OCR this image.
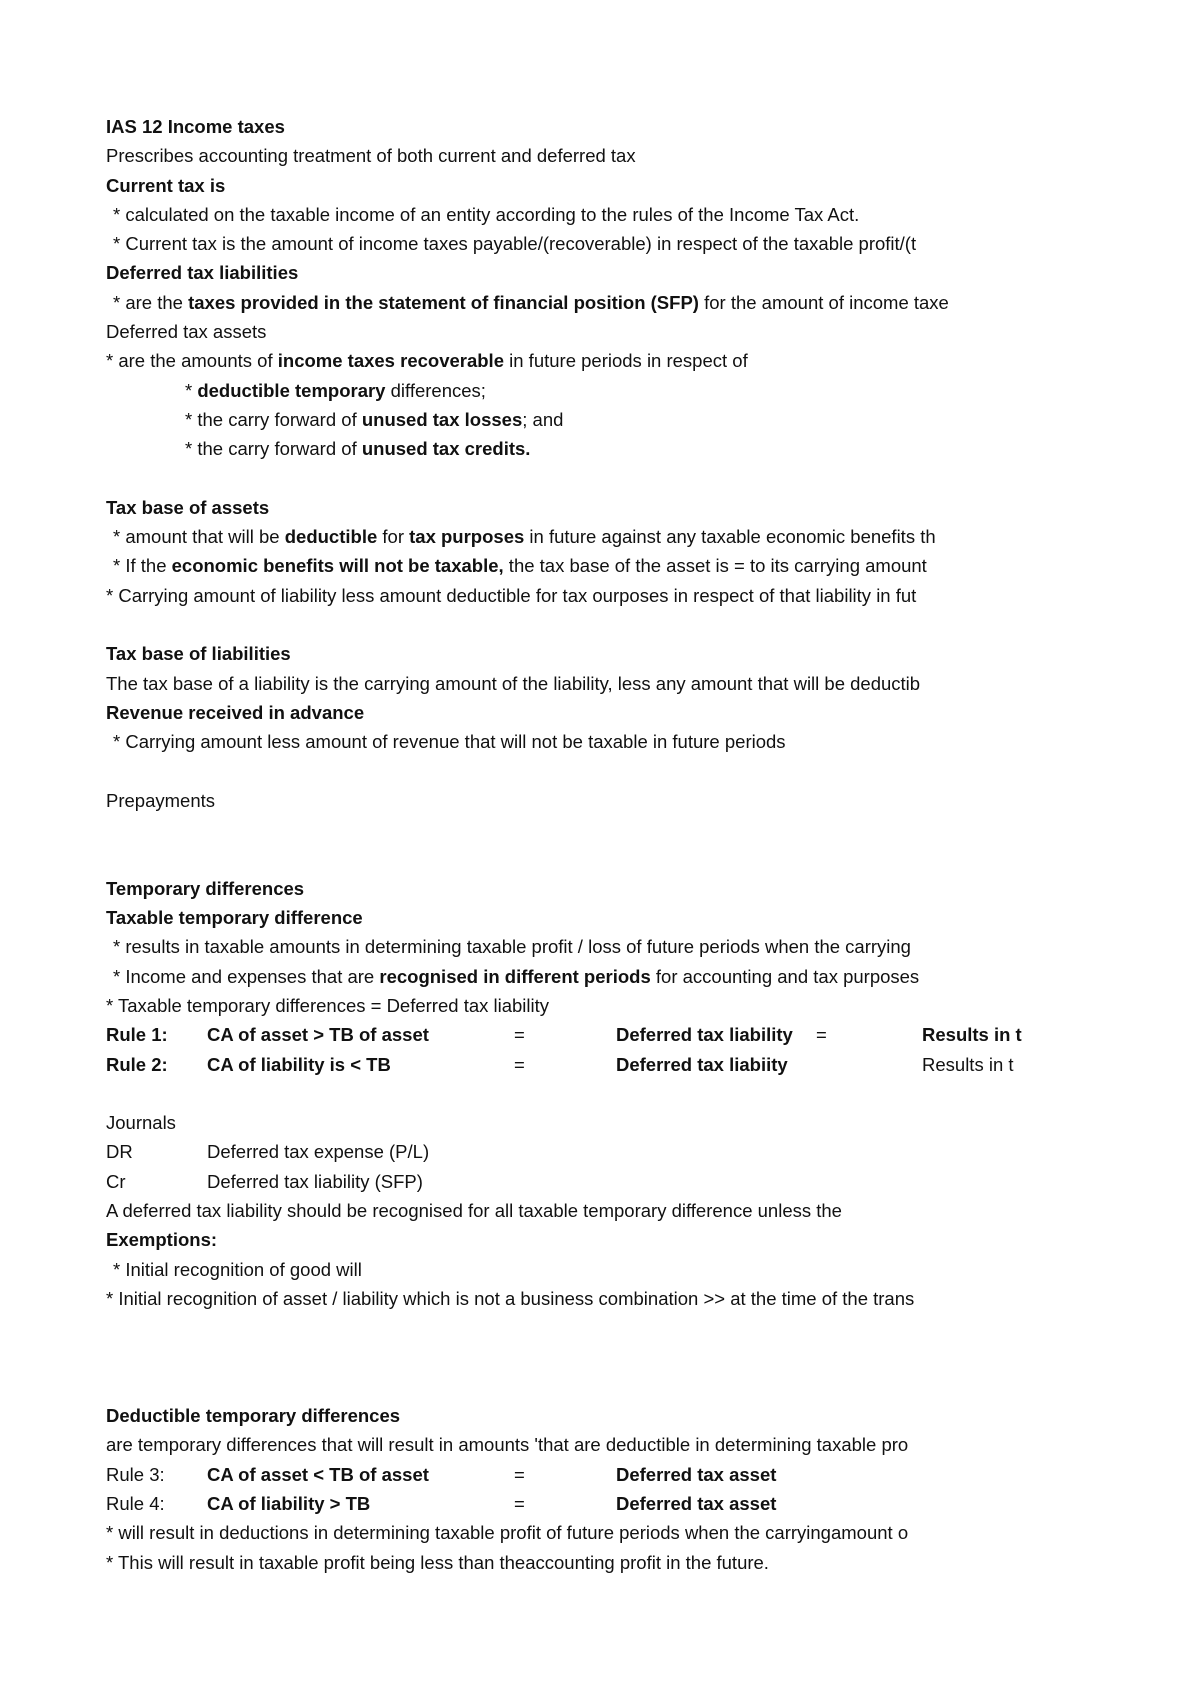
IAS 12 Income taxes
Prescribes accounting treatment of both current and deferred tax
Current tax is
* calculated on the taxable income of an entity according to the rules of the Income Tax Act.
* Current tax is the amount of income taxes payable/(recoverable) in respect of the taxable profit/(t
Deferred tax liabilities
* are the taxes provided in the statement of financial position (SFP) for the amount of income taxe
Deferred tax assets
* are the amounts of income taxes recoverable in future periods in respect of
* deductible temporary differences;
* the carry forward of unused tax losses; and
* the carry forward of unused tax credits.
Tax base of assets
* amount that will be deductible for tax purposes in future against any taxable economic benefits th
* If the economic benefits will not be taxable, the tax base of the asset is = to its carrying amount
* Carrying amount of liability less amount deductible for tax ourposes in respect of that liability in fut
Tax base of liabilities
The tax base of a liability is the carrying amount of the liability, less any amount that will be deductib
Revenue received in advance
* Carrying amount less amount of revenue that will not be taxable in future periods
Prepayments
Temporary differences
Taxable temporary difference
* results in taxable amounts in determining taxable profit / loss of future periods when the carrying
* Income and expenses that are recognised in different periods for accounting and tax purposes
* Taxable temporary differences = Deferred tax liability
Rule 1: CA of asset > TB of asset	=	Deferred tax liability =	Results in t
Rule 2: CA of liability is < TB	=	Deferred tax liabiity	Results in t
Journals
DR	Deferred tax expense (P/L)
Cr	Deferred tax liability (SFP)
A deferred tax liability should be recognised for all taxable temporary difference unless the
Exemptions:
* Initial recognition of good will
* Initial recognition of asset / liability which is not a business combination >> at the time of the trans
Deductible temporary differences
are temporary differences that will result in amounts 'that are deductible in determining taxable pro
Rule 3: CA of asset < TB of asset	=	Deferred tax asset
Rule 4: CA of liability > TB	=	Deferred tax asset
* will result in deductions in determining taxable profit of future periods when the carryingamount o
* This will result in taxable profit being less than theaccounting profit in the future.
